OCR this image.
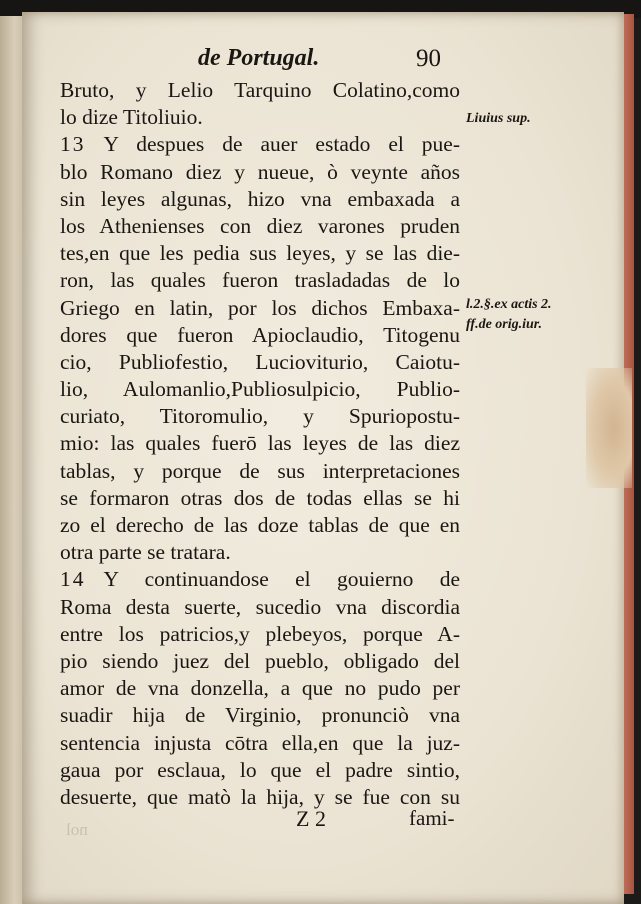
de Portugal.	90
Bruto, y Lelio Tarquino Colatino,como
lo dize Titoliuio.
13 Y despues de auer estado el pue-
blo Romano diez y nueue, ò veynte años
sin leyes algunas, hizo vna embaxada a
los Athenienses con diez varones pruden
tes,en que les pedia sus leyes, y se las die-
ron, las quales fueron trasladadas de lo
Griego en latin, por los dichos Embaxa-
dores que fueron Apioclaudio, Titogenu
cio, Publiofestio, Lucioviturio, Caiotu-
lio, Aulomanlio,Publiosulpicio, Publio-
curiato, Titoromulio, y Spuriopostu-
mio: las quales fuerō las leyes de las diez
tablas, y porque de sus interpretaciones
se formaron otras dos de todas ellas se hi
zo el derecho de las doze tablas de que en
otra parte se tratara.
14 Y continuandose el gouierno de
Roma desta suerte, sucedio vna discordia
entre los patricios,y plebeyos, porque A-
pio siendo juez del pueblo, obligado del
amor de vna donzella, a que no pudo per
suadir hija de Virginio, pronunciò vna
sentencia injusta cōtra ella,en que la juz-
gaua por esclaua, lo que el padre sintio,
desuerte, que matò la hija, y se fue con su
Liuius sup.
l.2.§.ex actis 2.
ff.de orig.iur.
nol	Z 2	fami-
